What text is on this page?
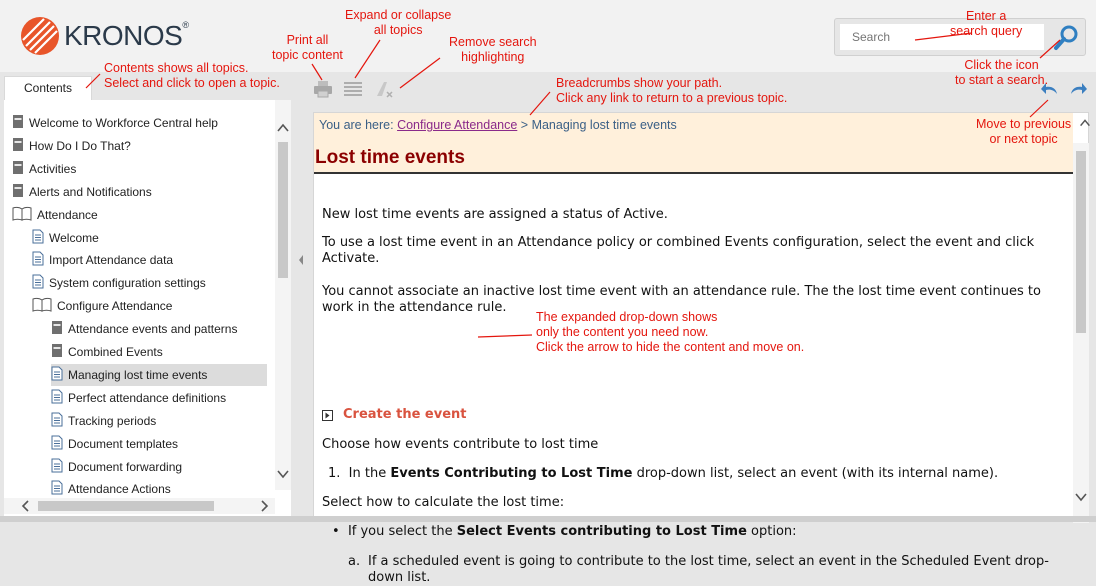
KRONOS®
Search
Contents
Welcome to Workforce Central help
How Do I Do That?
Activities
Alerts and Notifications
Attendance
Welcome
Import Attendance data
System configuration settings
Configure Attendance
Attendance events and patterns
Combined Events
Managing lost time events
Perfect attendance definitions
Tracking periods
Document templates
Document forwarding
Attendance Actions
You are here: Configure Attendance > Managing lost time events
Lost time events
New lost time events are assigned a status of Active.
To use a lost time event in an Attendance policy or combined Events configuration, select the event and click Activate.
You cannot associate an inactive lost time event with an attendance rule. The the lost time event continues to work in the attendance rule.
Create the event
Choose how events contribute to lost time
1. In the Events Contributing to Lost Time drop-down list, select an event (with its internal name).
Select how to calculate the lost time:
•  If you select the Select Events contributing to Lost Time option:
a. If a scheduled event is going to contribute to the lost time, select an event in the Scheduled Event drop-down list.
Print all
topic content
Expand or collapse
all topics
Remove search
highlighting
Enter a
search query
Click the icon
to start a search.
Contents shows all topics.
Select and click to open a topic.	Breadcrumbs show your path.
Click any link to return to a previous topic.
Move to previous
or next topic
The expanded drop-down shows
only the content you need now.
Click the arrow to hide the content and move on.
